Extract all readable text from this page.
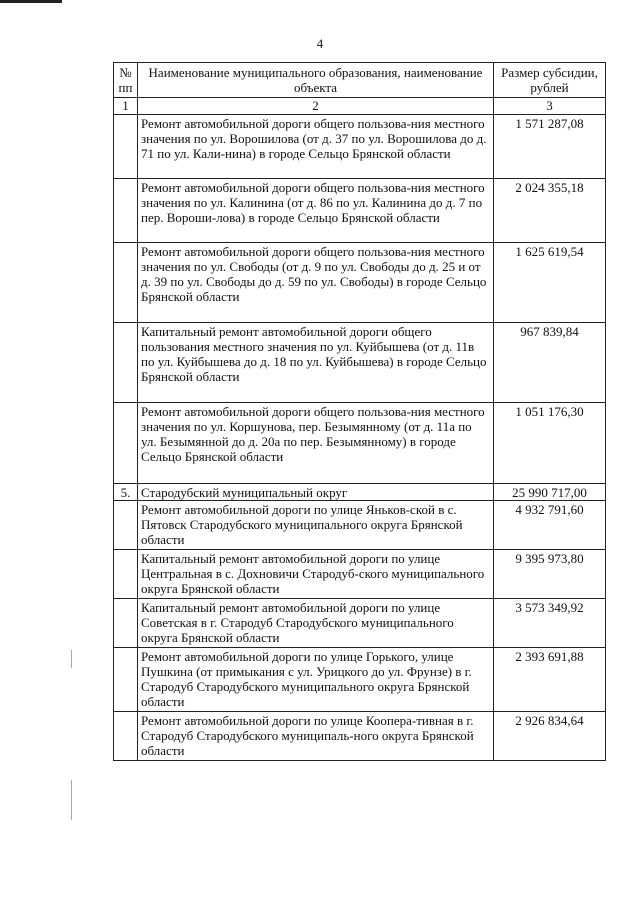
4
№ пп	Наименование муниципального образования, наименование объекта	Размер субсидии, рублей
1	2	3
	Ремонт автомобильной дороги общего пользова-ния местного значения по ул. Ворошилова (от д. 37 по ул. Ворошилова до д. 71 по ул. Кали-нина) в городе Сельцо Брянской области	1 571 287,08
	Ремонт автомобильной дороги общего пользова-ния местного значения по ул. Калинина (от д. 86 по ул. Калинина до д. 7 по пер. Вороши-лова) в городе Сельцо Брянской области	2 024 355,18
	Ремонт автомобильной дороги общего пользова-ния местного значения по ул. Свободы (от д. 9 по ул. Свободы до д. 25 и от д. 39 по ул. Свободы до д. 59 по ул. Свободы) в городе Сельцо Брянской области	1 625 619,54
	Капитальный ремонт автомобильной дороги общего пользования местного значения по ул. Куйбышева (от д. 11в по ул. Куйбышева до д. 18 по ул. Куйбышева) в городе Сельцо Брянской области	967 839,84
	Ремонт автомобильной дороги общего пользова-ния местного значения по ул. Коршунова, пер. Безымянному (от д. 11а по ул. Безымянной до д. 20а по пер. Безымянному) в городе Сельцо Брянской области	1 051 176,30
5.	Стародубский муниципальный округ	25 990 717,00
	Ремонт автомобильной дороги по улице Яньков-ской в с. Пятовск Стародубского муниципального округа Брянской области	4 932 791,60
	Капитальный ремонт автомобильной дороги по улице Центральная в с. Дохновичи Стародуб-ского муниципального округа Брянской области	9 395 973,80
	Капитальный ремонт автомобильной дороги по улице Советская в г. Стародуб Стародубского муниципального округа Брянской области	3 573 349,92
	Ремонт автомобильной дороги по улице Горького, улице Пушкина (от примыкания с ул. Урицкого до ул. Фрунзе) в г. Стародуб Стародубского муниципального округа Брянской области	2 393 691,88
	Ремонт автомобильной дороги по улице Коопера-тивная в г. Стародуб Стародубского муниципаль-ного округа Брянской области	2 926 834,64
